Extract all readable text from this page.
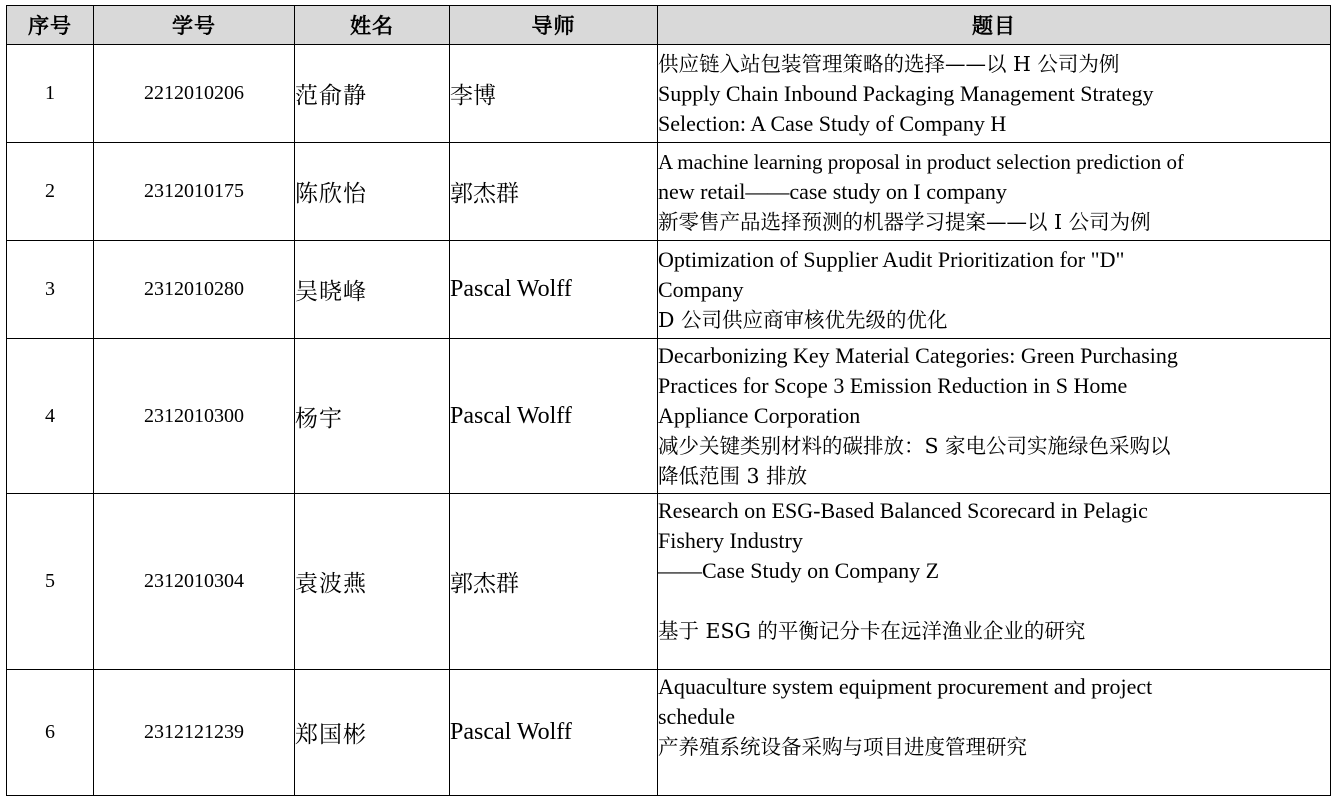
序号	学号	姓名	导师	题目
1	2212010206	范俞静	李博	供应链入站包装管理策略的选择——以 H 公司为例
Supply Chain Inbound Packaging Management Strategy
Selection: A Case Study of Company H

2	2312010175	陈欣怡	郭杰群	A machine learning proposal in product selection prediction of
new retail——case study on I company
新零售产品选择预测的机器学习提案——以 I 公司为例

3	2312010280	吴晓峰	Pascal Wolff	Optimization of Supplier Audit Prioritization for "D"
Company
D 公司供应商审核优先级的优化

4	2312010300	杨宇	Pascal Wolff	Decarbonizing Key Material Categories: Green Purchasing
Practices for Scope 3 Emission Reduction in S Home
Appliance Corporation
减少关键类别材料的碳排放：S 家电公司实施绿色采购以
降低范围 3 排放

5	2312010304	袁波燕	郭杰群	Research on ESG-Based Balanced Scorecard in Pelagic
Fishery Industry
——Case Study on Company Z
基于 ESG 的平衡记分卡在远洋渔业企业的研究

6	2312121239	郑国彬	Pascal Wolff	Aquaculture system equipment procurement and project
schedule
产养殖系统设备采购与项目进度管理研究
